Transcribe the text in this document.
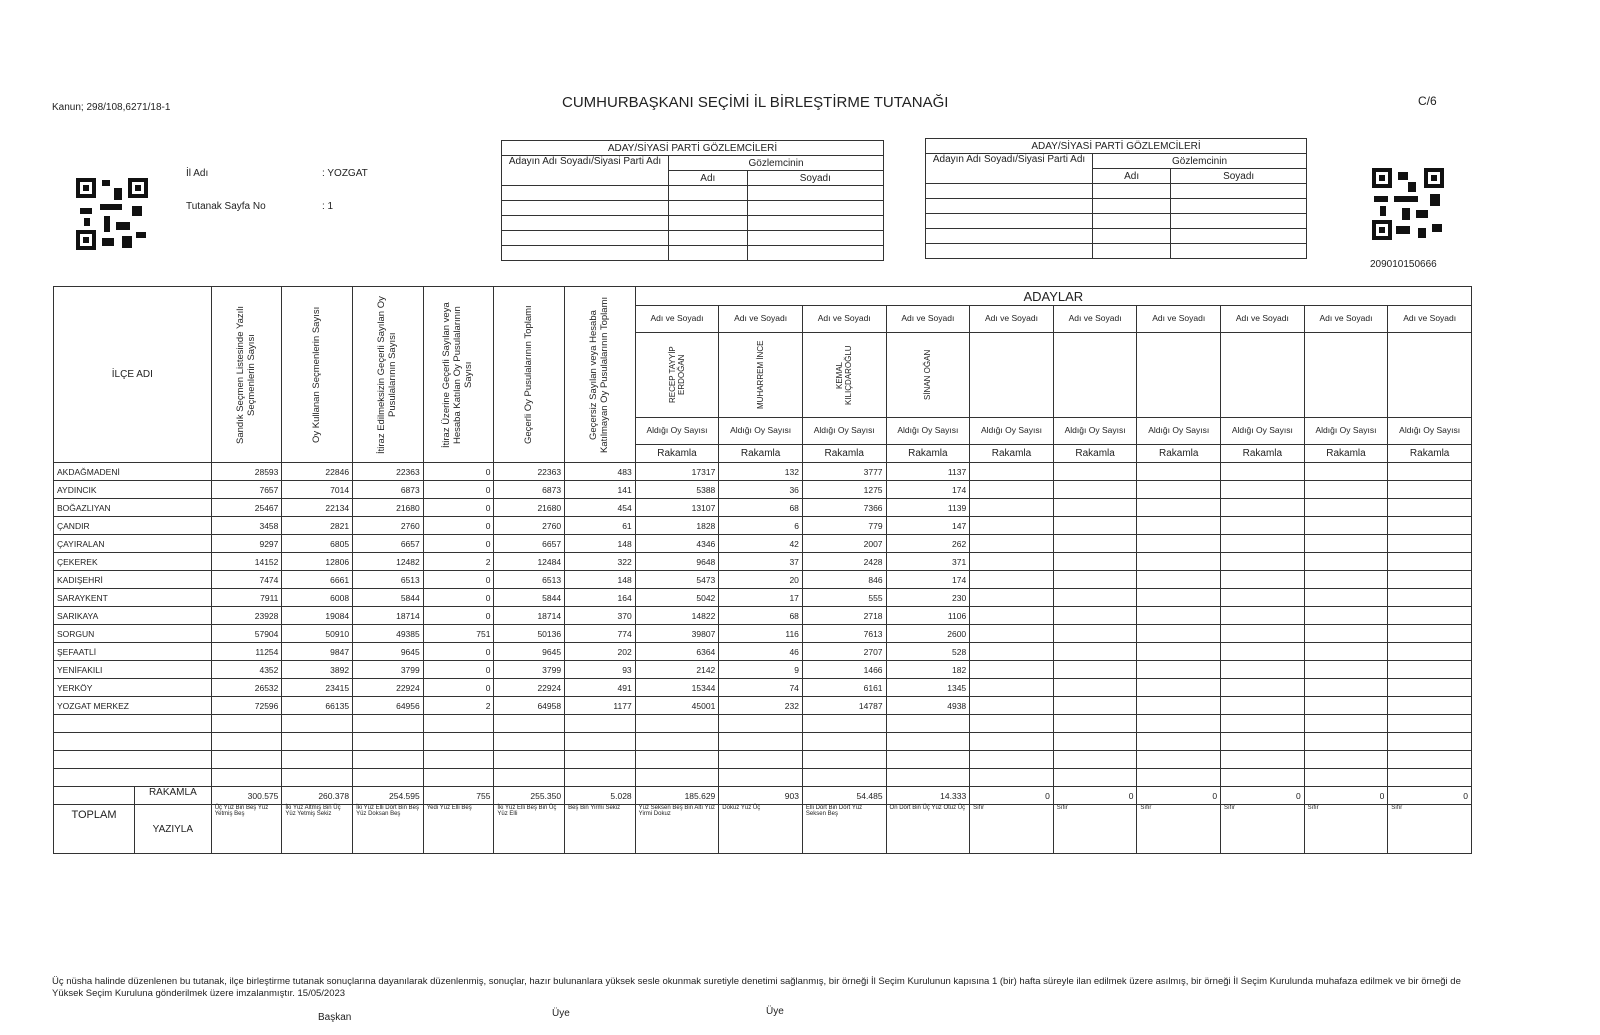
Kanun; 298/108,6271/18-1	CUMHURBAŞKANI SEÇİMİ İL BİRLEŞTİRME TUTANAĞI	C/6
İl Adı	: YOZGAT
Tutanak Sayfa No	: 1
ADAY/SİYASİ PARTİ GÖZLEMCİLERİ		
Adayın Adı Soyadı/Siyasi Parti Adı	Gözlemcinin	
	Adı	Soyadı

ADAY/SİYASİ PARTİ GÖZLEMCİLERİ		
Adayın Adı Soyadı/Siyasi Parti Adı	Gözlemcinin	
	Adı	Soyadı

209010150666
İLÇE ADI	Sandık Seçmen Listesinde Yazılı Seçmenlerin Sayısı	Oy Kullanan Seçmenlerin Sayısı	İtiraz Edilmeksizin Geçerli Sayılan Oy Pusulalarının Sayısı	İtiraz Üzerine Geçerli Sayılan veya Hesaba Katılan Oy Pusulalarının Sayısı	Geçerli Oy Pusulalarının Toplamı	Geçersiz Sayılan veya Hesaba Katılmayan Oy Pusulalarının Toplamı	ADAYLAR									
							Adı ve Soyadı	Adı ve Soyadı	Adı ve Soyadı	Adı ve Soyadı	Adı ve Soyadı	Adı ve Soyadı	Adı ve Soyadı	Adı ve Soyadı	Adı ve Soyadı	Adı ve Soyadı

							RECEP TAYYİP ERDOĞAN	MUHARREM İNCE	KEMAL KILIÇDAROĞLU	SİNAN OĞAN						

							Aldığı Oy Sayısı	Aldığı Oy Sayısı	Aldığı Oy Sayısı	Aldığı Oy Sayısı	Aldığı Oy Sayısı	Aldığı Oy Sayısı	Aldığı Oy Sayısı	Aldığı Oy Sayısı	Aldığı Oy Sayısı	Aldığı Oy Sayısı
							Rakamla	Rakamla	Rakamla	Rakamla	Rakamla	Rakamla	Rakamla	Rakamla	Rakamla	Rakamla
AKDAĞMADENİ	28593	22846	22363	0	22363	483	17317	132	3777	1137						
AYDINCIK	7657	7014	6873	0	6873	141	5388	36	1275	174						
BOĞAZLIYAN	25467	22134	21680	0	21680	454	13107	68	7366	1139						
ÇANDIR	3458	2821	2760	0	2760	61	1828	6	779	147						
ÇAYIRALAN	9297	6805	6657	0	6657	148	4346	42	2007	262						
ÇEKEREK	14152	12806	12482	2	12484	322	9648	37	2428	371						
KADIŞEHRİ	7474	6661	6513	0	6513	148	5473	20	846	174						
SARAYKENT	7911	6008	5844	0	5844	164	5042	17	555	230						
SARIKAYA	23928	19084	18714	0	18714	370	14822	68	2718	1106						
SORGUN	57904	50910	49385	751	50136	774	39807	116	7613	2600						
ŞEFAATLİ	11254	9847	9645	0	9645	202	6364	46	2707	528						
YENİFAKILI	4352	3892	3799	0	3799	93	2142	9	1466	182						
YERKÖY	26532	23415	22924	0	22924	491	15344	74	6161	1345						
YOZGAT MERKEZ	72596	66135	64956	2	64958	1177	45001	232	14787	4938						

RAKAMLA	300.575	260.378	254.595	755	255.350	5.028	185.629	903	54.485	14.333	0	0	0	0	0	0

TOPLAM
YAZIYLA	Üç Yüz Bin Beş Yüz Yetmiş Beş	İki Yüz Altmış Bin Üç Yüz Yetmiş Sekiz	İki Yüz Elli Dört Bin Beş Yüz Doksan Beş	Yedi Yüz Elli Beş	İki Yüz Elli Beş Bin Üç Yüz Elli	Beş Bin Yirmi Sekiz	Yüz Seksen Beş Bin Altı Yüz Yirmi Dokuz	Dokuz Yüz Üç	Elli Dört Bin Dört Yüz Seksen Beş	On Dört Bin Üç Yüz Otuz Üç	Sıfır	Sıfır	Sıfır	Sıfır	Sıfır	Sıfır
Üç nüsha halinde düzenlenen bu tutanak, ilçe birleştirme tutanak sonuçlarına dayanılarak düzenlenmiş, sonuçlar, hazır bulunanlara yüksek sesle okunmak suretiyle denetimi sağlanmış, bir örneği İl Seçim Kurulunun kapısına 1 (bir) hafta süreyle ilan edilmek üzere asılmış, bir örneği İl Seçim Kurulunda muhafaza edilmek ve bir örneği de Yüksek Seçim Kuruluna gönderilmek üzere imzalanmıştır. 15/05/2023
Başkan	Üye	Üye
